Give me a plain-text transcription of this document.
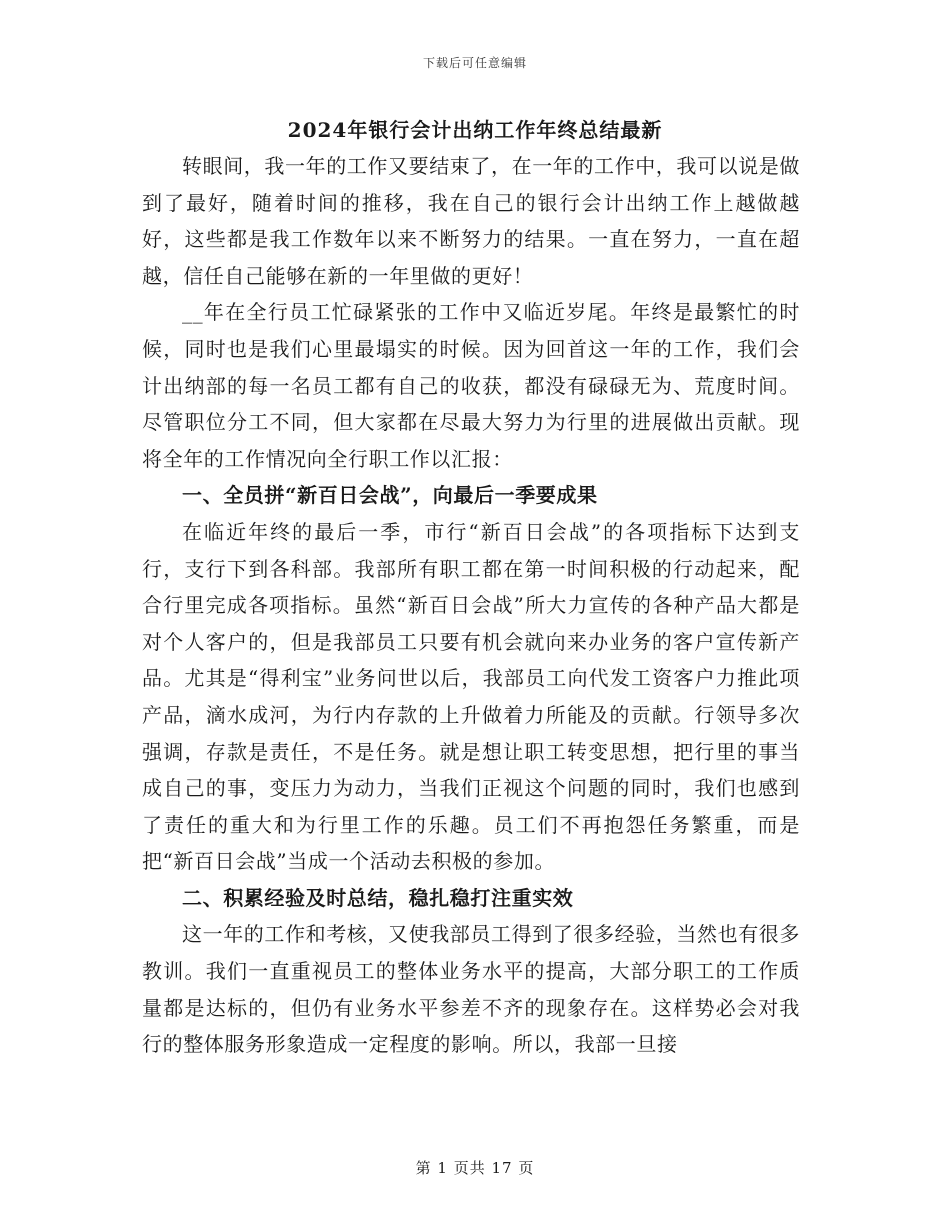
下载后可任意编辑
2024年银行会计出纳工作年终总结最新

转眼间，我一年的工作又要结束了，在一年的工作中，我可以说是做到了最好，随着时间的推移，我在自己的银行会计出纳工作上越做越好，这些都是我工作数年以来不断努力的结果。一直在努力，一直在超越，信任自己能够在新的一年里做的更好！

__年在全行员工忙碌紧张的工作中又临近岁尾。年终是最繁忙的时候，同时也是我们心里最塌实的时候。因为回首这一年的工作，我们会计出纳部的每一名员工都有自己的收获，都没有碌碌无为、荒度时间。尽管职位分工不同，但大家都在尽最大努力为行里的进展做出贡献。现将全年的工作情况向全行职工作以汇报：

一、全员拼“新百日会战”，向最后一季要成果

在临近年终的最后一季，市行“新百日会战”的各项指标下达到支行，支行下到各科部。我部所有职工都在第一时间积极的行动起来，配合行里完成各项指标。虽然“新百日会战”所大力宣传的各种产品大都是对个人客户的，但是我部员工只要有机会就向来办业务的客户宣传新产品。尤其是“得利宝”业务问世以后，我部员工向代发工资客户力推此项产品，滴水成河，为行内存款的上升做着力所能及的贡献。行领导多次强调，存款是责任，不是任务。就是想让职工转变思想，把行里的事当成自己的事，变压力为动力，当我们正视这个问题的同时，我们也感到了责任的重大和为行里工作的乐趣。员工们不再抱怨任务繁重，而是把“新百日会战”当成一个活动去积极的参加。

二、积累经验及时总结，稳扎稳打注重实效

这一年的工作和考核，又使我部员工得到了很多经验，当然也有很多教训。我们一直重视员工的整体业务水平的提高，大部分职工的工作质量都是达标的，但仍有业务水平参差不齐的现象存在。这样势必会对我行的整体服务形象造成一定程度的影响。所以，我部一旦接

第 1 页共 17 页
